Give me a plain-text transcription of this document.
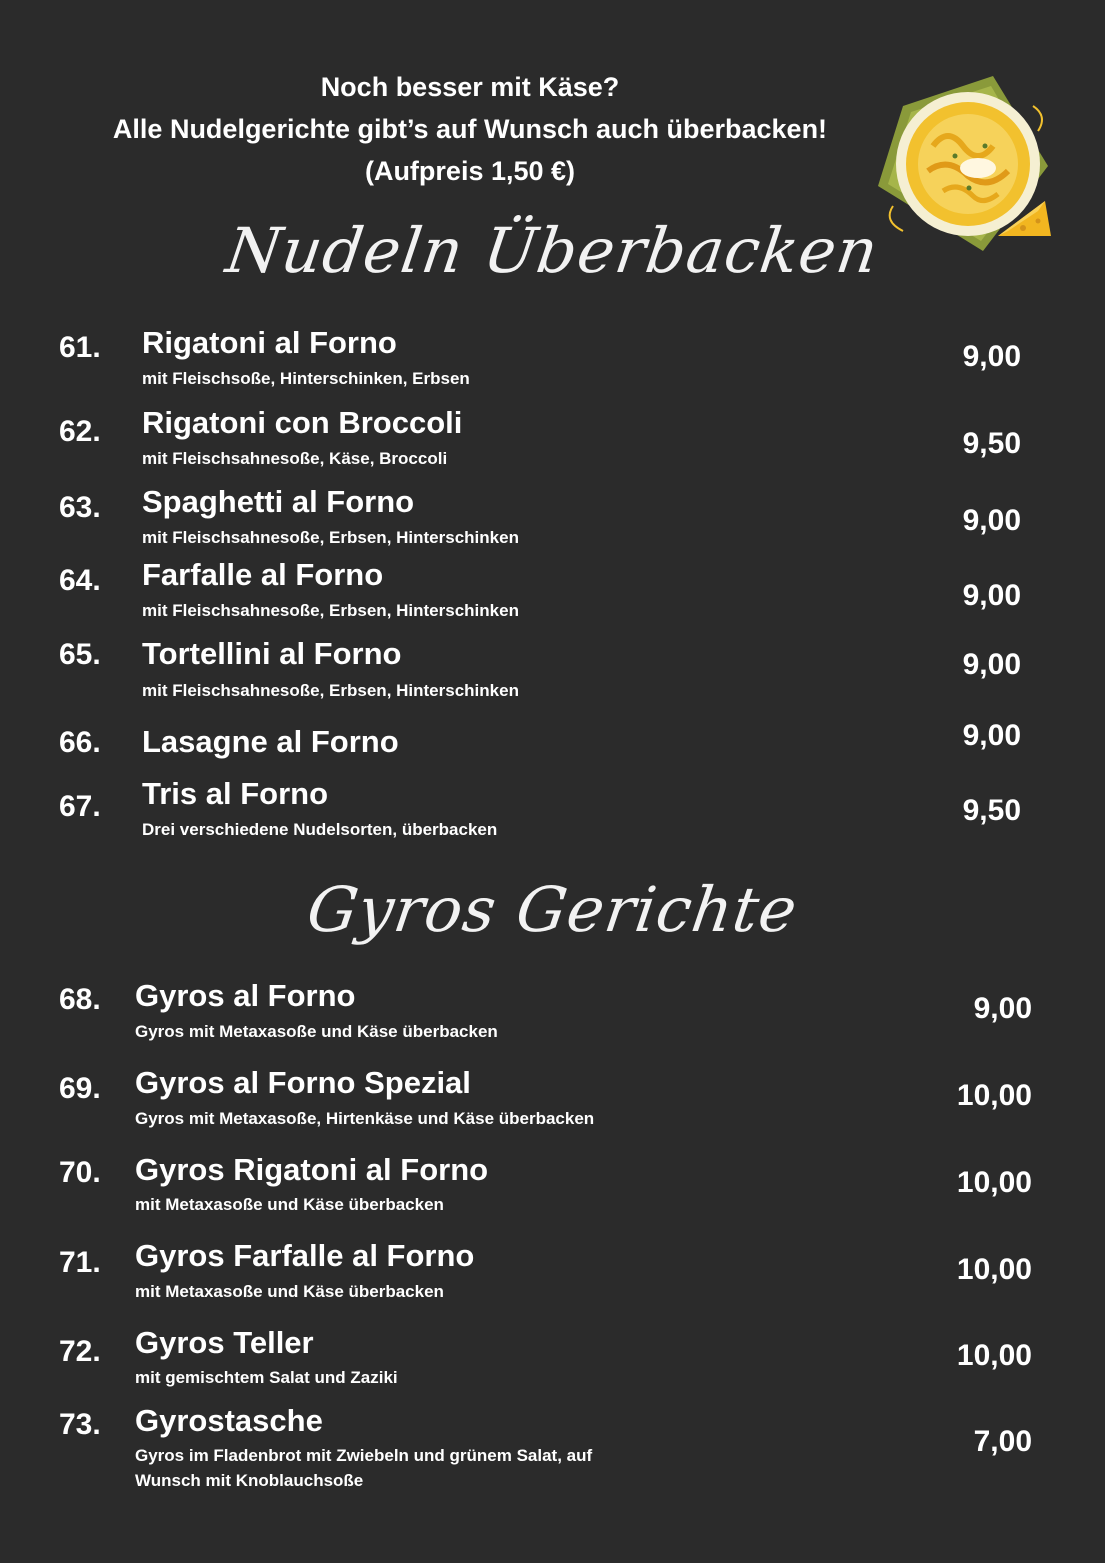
Noch besser mit Käse?
Alle Nudelgerichte gibt’s auf Wunsch auch überbacken!
(Aufpreis 1,50 €)
Nudeln Überbacken
61. Rigatoni al Forno
mit Fleischsoße, Hinterschinken, Erbsen
9,00
62. Rigatoni con Broccoli
mit Fleischsahnesoße, Käse, Broccoli	9,50
63. Spaghetti al Forno
mit Fleischsahnesoße, Erbsen, Hinterschinken
9,00
64. Farfalle al Forno
mit Fleischsahnesoße, Erbsen, Hinterschinken	9,00
65. Tortellini al Forno
mit Fleischsahnesoße, Erbsen, Hinterschinken
9,00
66. Lasagne al Forno	9,00
67. Tris al Forno
Drei verschiedene Nudelsorten, überbacken
9,50
Gyros Gerichte
68. Gyros al Forno
Gyros mit Metaxasoße und Käse überbacken
9,00
69. Gyros al Forno Spezial
Gyros mit Metaxasoße, Hirtenkäse und Käse überbacken
10,00
70. Gyros Rigatoni al Forno
mit Metaxasoße und Käse überbacken
10,00
71. Gyros Farfalle al Forno
mit Metaxasoße und Käse überbacken
10,00
72. Gyros Teller
mit gemischtem Salat und Zaziki
10,00
73. Gyrostasche
Gyros im Fladenbrot mit Zwiebeln und grünem Salat, auf Wunsch mit Knoblauchsoße
7,00
